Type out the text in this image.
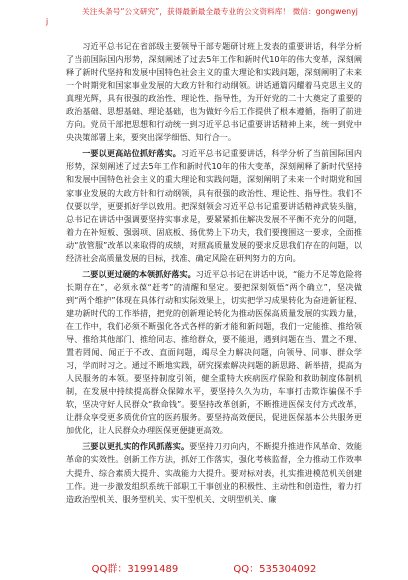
关注头条号“公文研究”，获得最新最全最专业的公文资料库！ 微信：gongwenyj
j

习近平总书记在省部级主要领导干部专题研讨班上发表的重要讲话，科学分析了当前国际国内形势，深刻阐述了过去5年工作和新时代10年的伟大变革，深刻阐释了新时代坚持和发展中国特色社会主义的重大理论和实践问题，深刻阐明了未来一个时期党和国家事业发展的大政方针和行动纲领。讲话通篇闪耀着马克思主义的真理光辉，具有很强的政治性、理论性、指导性，为开好党的二十大奠定了重要的政治基础、思想基础、理论基础，也为做好今后工作提供了根本遵循，指明了前进方向。党员干部把思想和行动统一到习近平总书记重要讲话精神上来，统一到党中央决策部署上来，要突出深学细悟、知行合一。

一要以更高站位抓好落实。习近平总书记重要讲话，科学分析了当前国际国内形势，深刻阐述了过去5年工作和新时代10年的伟大变革，深刻阐释了新时代坚持和发展中国特色社会主义的重大理论和实践问题，深刻阐明了未来一个时期党和国家事业发展的大政方针和行动纲领，具有很强的政治性、理论性、指导性。我们不仅要以学，更要抓好学以致用。把深刻领会习近平总书记重要讲话精神武装头脑，总书记在讲话中强调要坚持实事求是，要紧紧抓住解决发展不平衡不充分的问题，着力在补短板、强弱项、固底板、扬优势上下功夫，我们要搜围这一要求，全面推动“放管服”改革以来取得的成绩，对照高质量发展的要求反思我们存在的问题，以经济社会高质量发展的目标，找准、确定风险在研判努力的方向。

二要以更过硬的本领抓好落实。习近平总书记在讲话中说，“能力不足等危险将长期存在”，必须永葆“赶考”的清醒和坚定。要把深刻领悟“两个确立”，坚决做到“两个维护”体现在具体行动和实际效果上，切实把学习成果转化为奋进新征程、建功新时代的工作举措，把党的创新理论转化为推动医保高质量发展的实践力量，在工作中，我们必须不断强化各式各样的新才能和新问题，我们一定能推、推给领导、推给其他部门、推给同志、推给群众，要不能退，遇到问题在当、置之不理、置若罔闻、闻正于不改、直面问题，竭尽全力解决问题，向领导、同事、群众学习，学而时习之。通过不断地实践，研究探索解决问题的新思路、新举措，提高为人民服务的本领。要坚持制度引领，健全重特大疾病医疗保险和救助制度体制机制，在发展中持续提高群众保障水平，要坚持久久为功，车事打击欺诈骗保不手软，坚决守好人民群众“救命钱”。要坚持改革创新，不断推进医保支付方式改革，让群众享受更多质优价宜的医药服务。要坚持高效便民，促进医保基本公共服务更加优化，让人民群众办理医保更便捷更高效。

三要以更扎实的作风抓落实。要坚持刀刃向内，不断提升推进作风革命、效能革命的实效性。创新工作方法，抓好工作落实，强化考核监督，全力推动工作效率大提升、综合素质大提升、实战能力大提升。要对标对表，扎实推进模范机关创建工作。进一步激发组织系统干部职工干事创业的积极性、主动性和创造性，着力打造政治型机关、服务型机关、实干型机关、文明型机关、廉

QQ群：31991489	QQ：535304092
